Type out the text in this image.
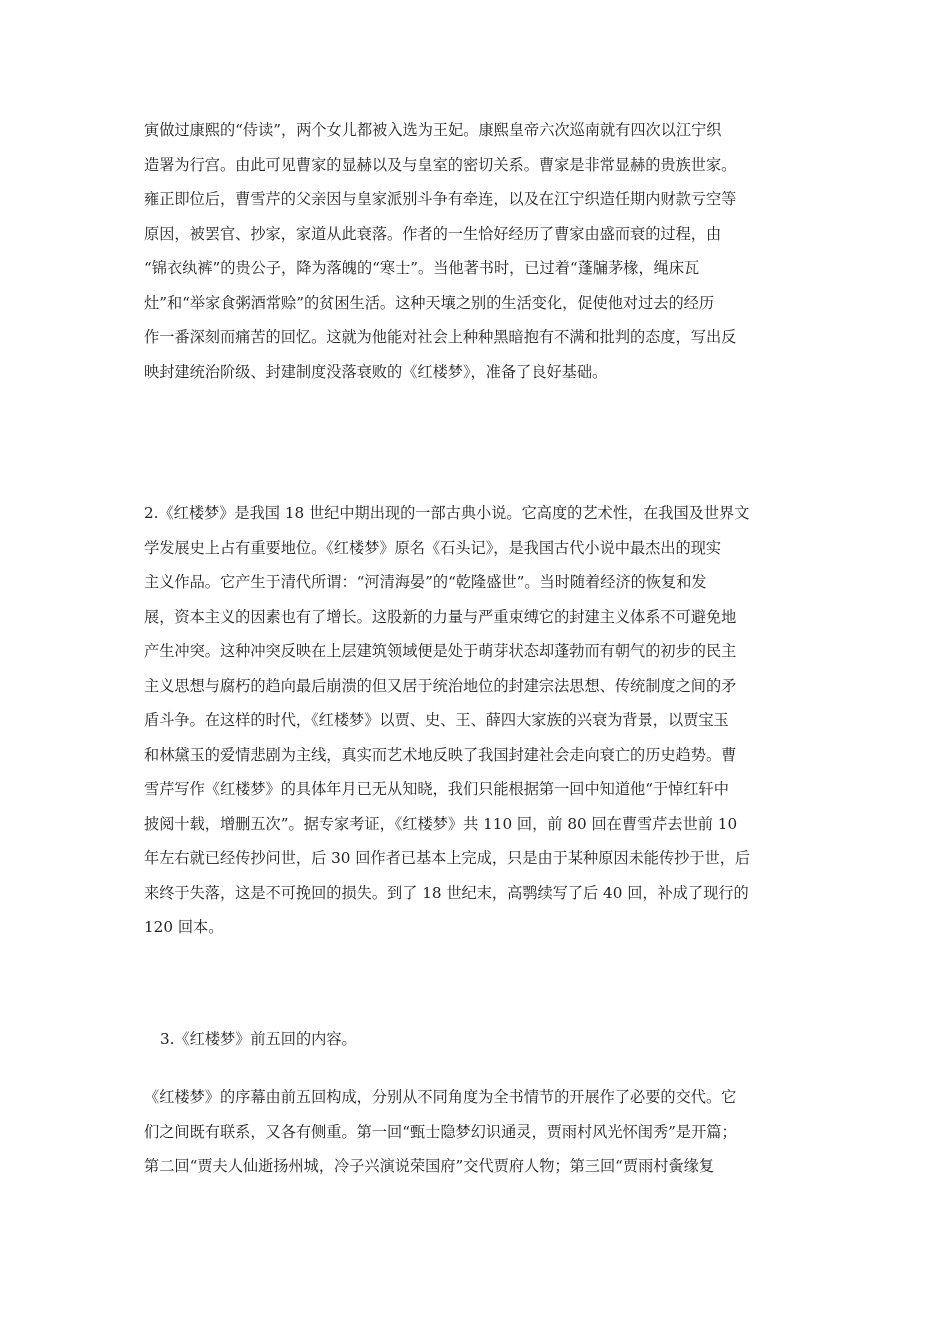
寅做过康熙的“侍读”，两个女儿都被入选为王妃。康熙皇帝六次巡南就有四次以江宁织
造署为行宫。由此可见曹家的显赫以及与皇室的密切关系。曹家是非常显赫的贵族世家。
雍正即位后，曹雪芹的父亲因与皇家派别斗争有牵连，以及在江宁织造任期内财款亏空等
原因，被罢官、抄家，家道从此衰落。作者的一生恰好经历了曹家由盛而衰的过程，由
“锦衣纨裤”的贵公子，降为落魄的“寒士”。当他著书时，已过着“蓬牖茅椽，绳床瓦
灶”和“举家食粥酒常赊”的贫困生活。这种天壤之别的生活变化，促使他对过去的经历
作一番深刻而痛苦的回忆。这就为他能对社会上种种黑暗抱有不满和批判的态度，写出反
映封建统治阶级、封建制度没落衰败的《红楼梦》，准备了良好基础。
2.《红楼梦》是我国 18 世纪中期出现的一部古典小说。它高度的艺术性，在我国及世界文
学发展史上占有重要地位。《红楼梦》原名《石头记》，是我国古代小说中最杰出的现实
主义作品。它产生于清代所谓：“河清海晏”的“乾隆盛世”。当时随着经济的恢复和发
展，资本主义的因素也有了增长。这股新的力量与严重束缚它的封建主义体系不可避免地
产生冲突。这种冲突反映在上层建筑领域便是处于萌芽状态却蓬勃而有朝气的初步的民主
主义思想与腐朽的趋向最后崩溃的但又居于统治地位的封建宗法思想、传统制度之间的矛
盾斗争。在这样的时代，《红楼梦》以贾、史、王、薛四大家族的兴衰为背景，以贾宝玉
和林黛玉的爱情悲剧为主线，真实而艺术地反映了我国封建社会走向衰亡的历史趋势。曹
雪芹写作《红楼梦》的具体年月已无从知晓，我们只能根据第一回中知道他“于悼红轩中
披阅十载，增删五次”。据专家考证，《红楼梦》共 110 回，前 80 回在曹雪芹去世前 10
年左右就已经传抄问世，后 30 回作者已基本上完成，只是由于某种原因未能传抄于世，后
来终于失落，这是不可挽回的损失。到了 18 世纪末，高鹗续写了后 40 回，补成了现行的
120 回本。
3.《红楼梦》前五回的内容。
《红楼梦》的序幕由前五回构成，分别从不同角度为全书情节的开展作了必要的交代。它
们之间既有联系，又各有侧重。第一回“甄士隐梦幻识通灵，贾雨村风光怀闺秀”是开篇；
第二回“贾夫人仙逝扬州城，冷子兴演说荣国府”交代贾府人物；第三回“贾雨村夤缘复
